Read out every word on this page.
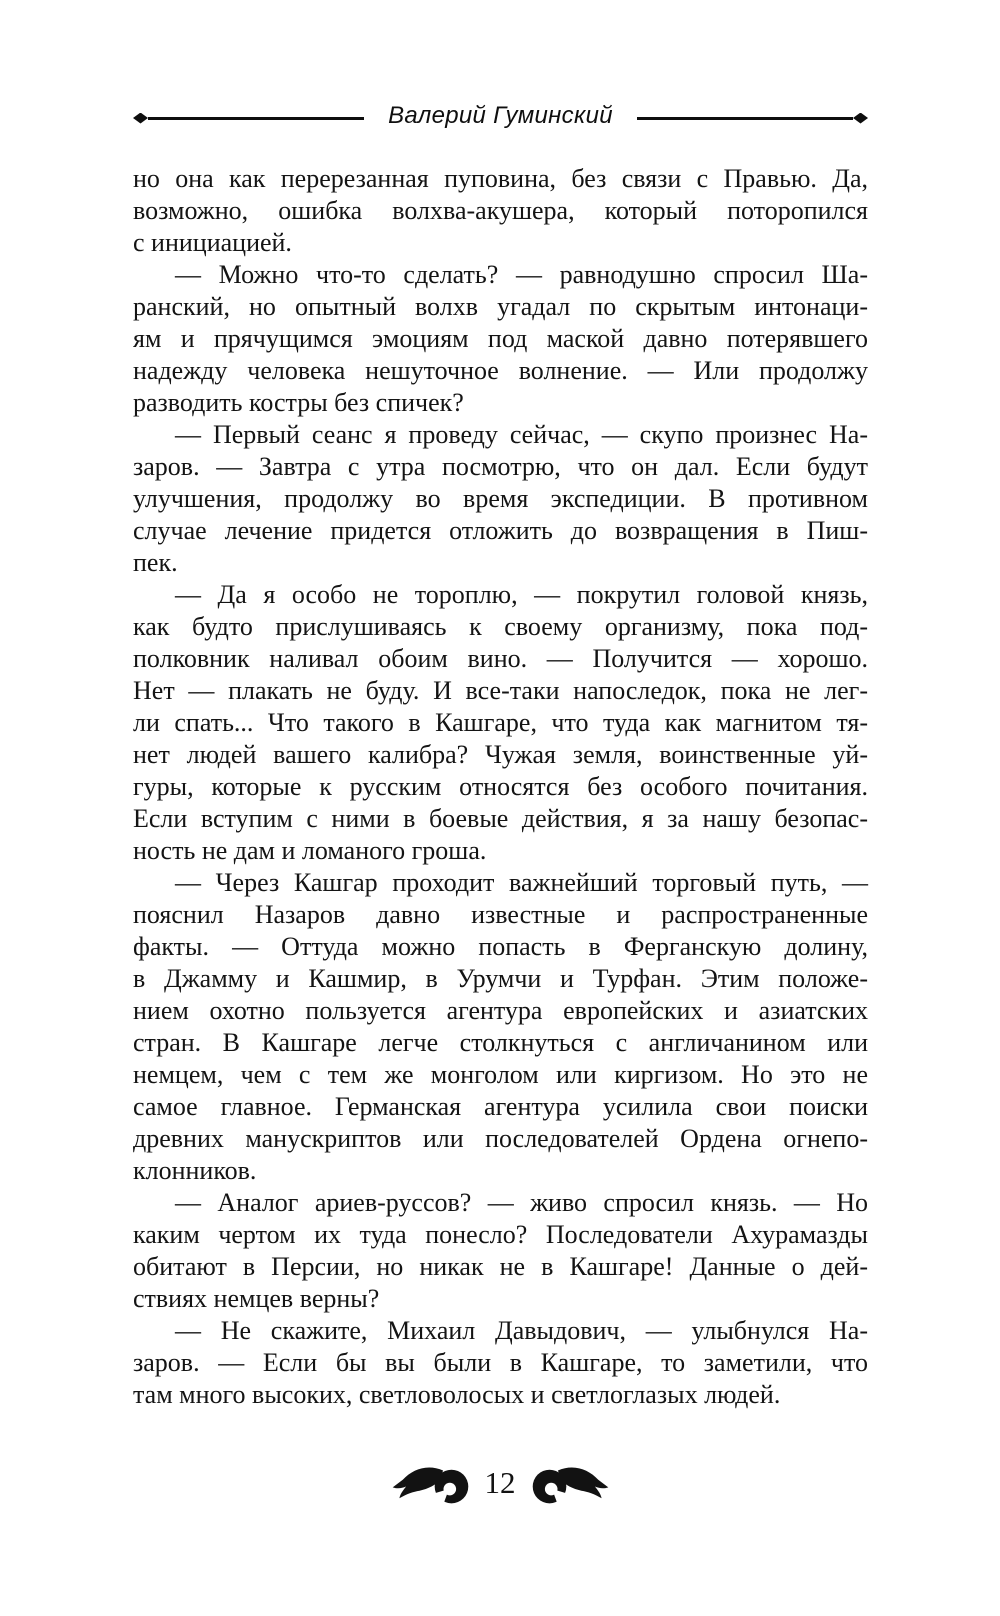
Валерий Гуминский
но она как перерезанная пуповина, без связи с Правью. Да,
возможно, ошибка волхва-акушера, который поторопился
с инициацией.
— Можно что-то сделать? — равнодушно спросил Ша-
ранский, но опытный волхв угадал по скрытым интонаци-
ям и прячущимся эмоциям под маской давно потерявшего
надежду человека нешуточное волнение. — Или продолжу
разводить костры без спичек?
— Первый сеанс я проведу сейчас, — скупо произнес На-
заров. — Завтра с утра посмотрю, что он дал. Если будут
улучшения, продолжу во время экспедиции. В противном
случае лечение придется отложить до возвращения в Пиш-
пек.
— Да я особо не тороплю, — покрутил головой князь,
как будто прислушиваясь к своему организму, пока под-
полковник наливал обоим вино. — Получится — хорошо.
Нет — плакать не буду. И все-таки напоследок, пока не лег-
ли спать... Что такого в Кашгаре, что туда как магнитом тя-
нет людей вашего калибра? Чужая земля, воинственные уй-
гуры, которые к русским относятся без особого почитания.
Если вступим с ними в боевые действия, я за нашу безопас-
ность не дам и ломаного гроша.
— Через Кашгар проходит важнейший торговый путь, —
пояснил Назаров давно известные и распространенные
факты. — Оттуда можно попасть в Ферганскую долину,
в Джамму и Кашмир, в Урумчи и Турфан. Этим положе-
нием охотно пользуется агентура европейских и азиатских
стран. В Кашгаре легче столкнуться с англичанином или
немцем, чем с тем же монголом или киргизом. Но это не
самое главное. Германская агентура усилила свои поиски
древних манускриптов или последователей Ордена огнепо-
клонников.
— Аналог ариев-руссов? — живо спросил князь. — Но
каким чертом их туда понесло? Последователи Ахурамазды
обитают в Персии, но никак не в Кашгаре! Данные о дей-
ствиях немцев верны?
— Не скажите, Михаил Давыдович, — улыбнулся На-
заров. — Если бы вы были в Кашгаре, то заметили, что
там много высоких, светловолосых и светлоглазых людей.
12
